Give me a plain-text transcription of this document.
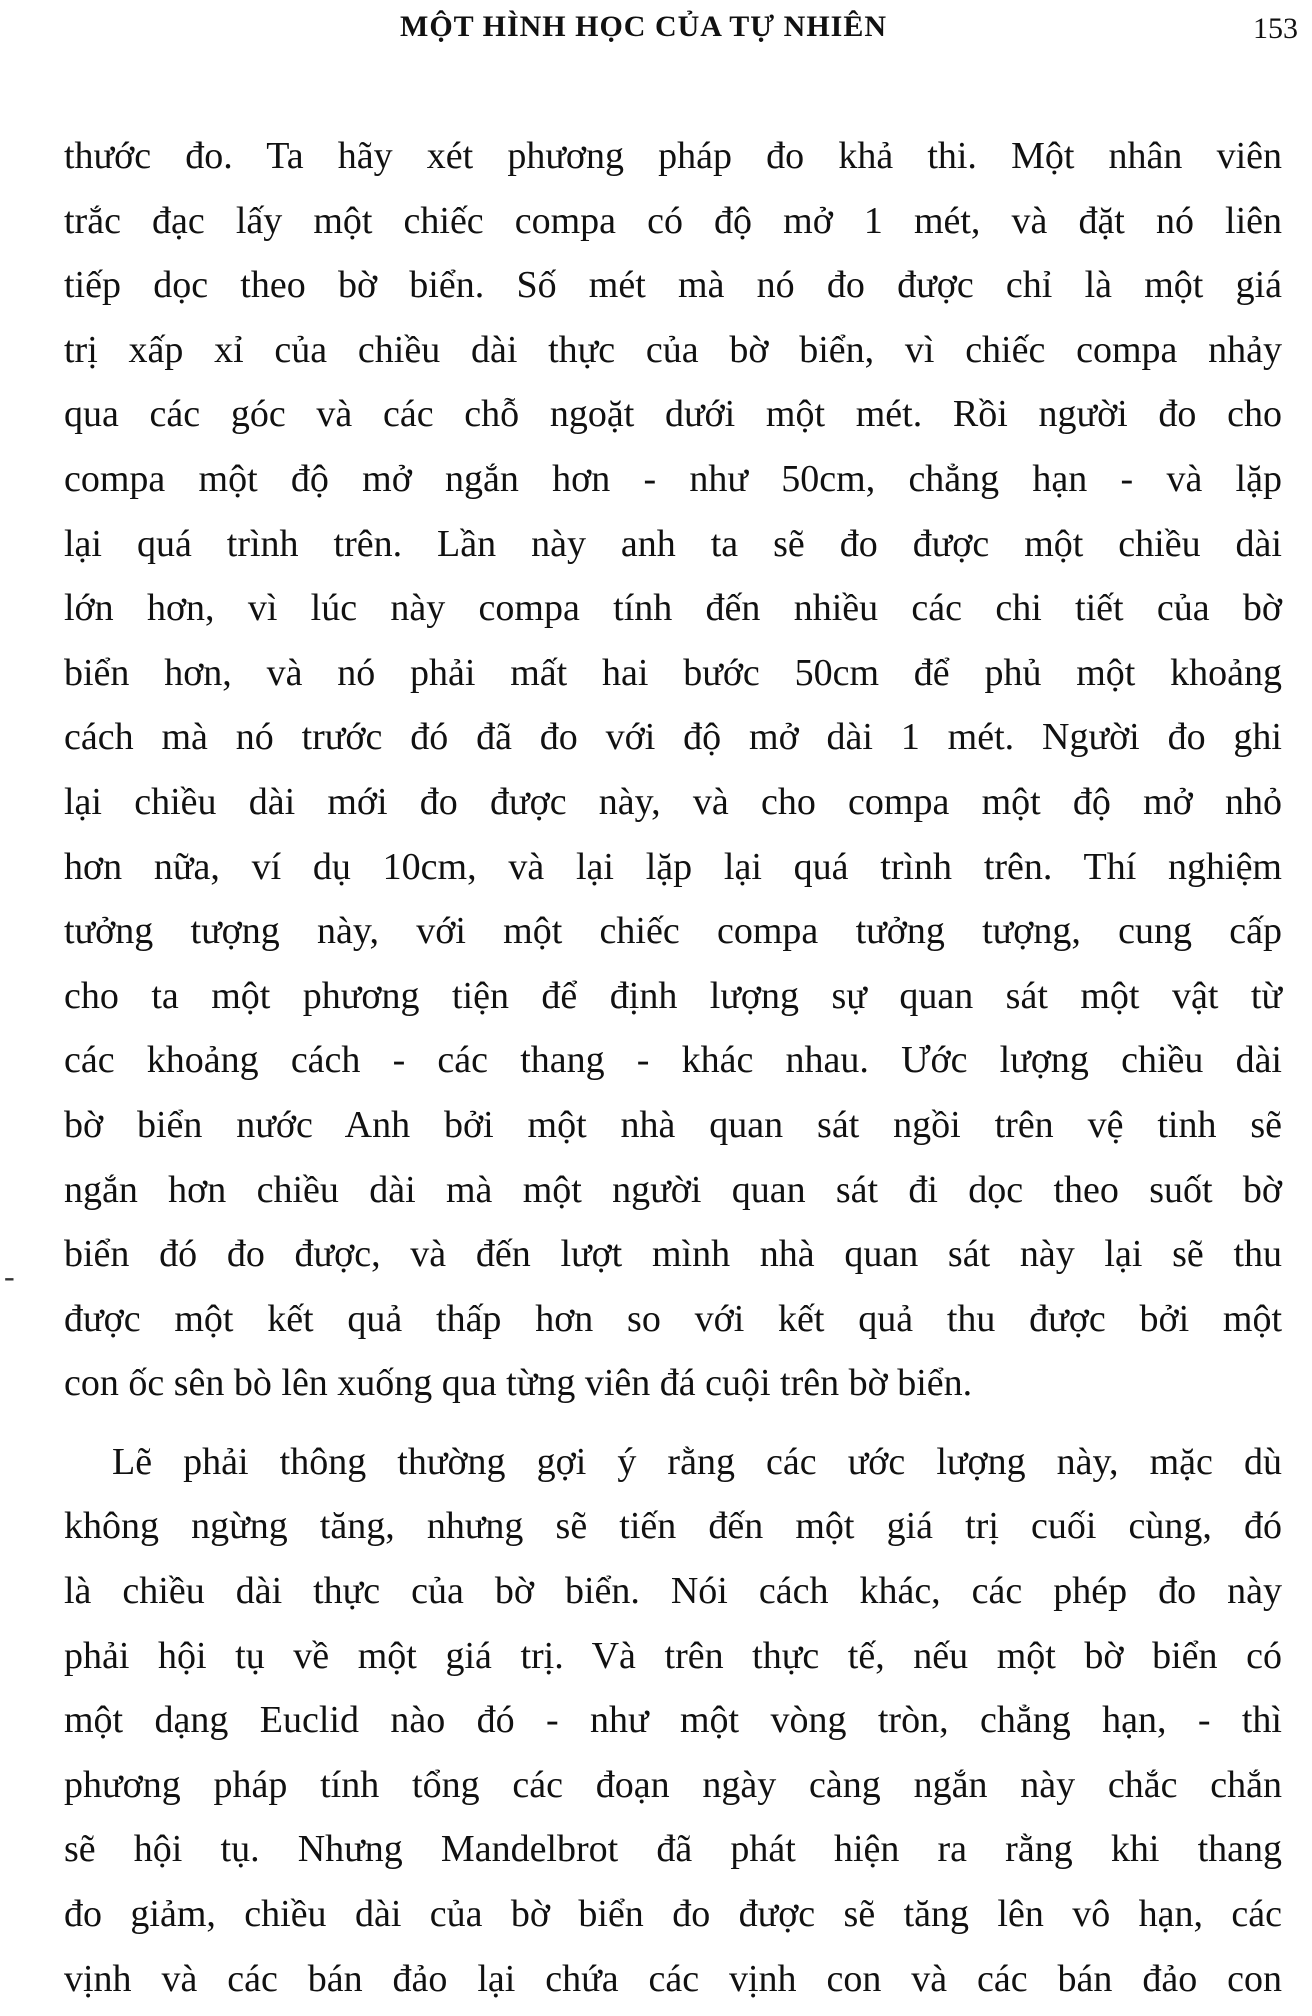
MỘT HÌNH HỌC CỦA TỰ NHIÊN	153
-
thước đo. Ta hãy xét phương pháp đo khả thi. Một nhân viên
trắc đạc lấy một chiếc compa có độ mở 1 mét, và đặt nó liên
tiếp dọc theo bờ biển. Số mét mà nó đo được chỉ là một giá
trị xấp xỉ của chiều dài thực của bờ biển, vì chiếc compa nhảy
qua các góc và các chỗ ngoặt dưới một mét. Rồi người đo cho
compa một độ mở ngắn hơn - như 50cm, chẳng hạn - và lặp
lại quá trình trên. Lần này anh ta sẽ đo được một chiều dài
lớn hơn, vì lúc này compa tính đến nhiều các chi tiết của bờ
biển hơn, và nó phải mất hai bước 50cm để phủ một khoảng
cách mà nó trước đó đã đo với độ mở dài 1 mét. Người đo ghi
lại chiều dài mới đo được này, và cho compa một độ mở nhỏ
hơn nữa, ví dụ 10cm, và lại lặp lại quá trình trên. Thí nghiệm
tưởng tượng này, với một chiếc compa tưởng tượng, cung cấp
cho ta một phương tiện để định lượng sự quan sát một vật từ
các khoảng cách - các thang - khác nhau. Ước lượng chiều dài
bờ biển nước Anh bởi một nhà quan sát ngồi trên vệ tinh sẽ
ngắn hơn chiều dài mà một người quan sát đi dọc theo suốt bờ
biển đó đo được, và đến lượt mình nhà quan sát này lại sẽ thu
được một kết quả thấp hơn so với kết quả thu được bởi một
con ốc sên bò lên xuống qua từng viên đá cuội trên bờ biển.
Lẽ phải thông thường gợi ý rằng các ước lượng này, mặc dù
không ngừng tăng, nhưng sẽ tiến đến một giá trị cuối cùng, đó
là chiều dài thực của bờ biển. Nói cách khác, các phép đo này
phải hội tụ về một giá trị. Và trên thực tế, nếu một bờ biển có
một dạng Euclid nào đó - như một vòng tròn, chẳng hạn, - thì
phương pháp tính tổng các đoạn ngày càng ngắn này chắc chắn
sẽ hội tụ. Nhưng Mandelbrot đã phát hiện ra rằng khi thang
đo giảm, chiều dài của bờ biển đo được sẽ tăng lên vô hạn, các
vịnh và các bán đảo lại chứa các vịnh con và các bán đảo con
